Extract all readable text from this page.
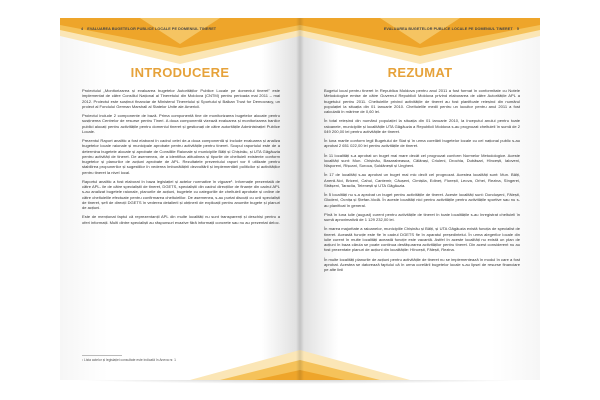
4 EVALUAREA BUGETELOR PUBLICE LOCALE PE DOMENIUL TINERET
INTRODUCERE

Proiectului „Monitorizarea și evaluarea bugetelor Autorităților Publice Locale pe domeniul tineret” este implementat de către Consiliul Național al Tineretului din Moldova (CNTM) pentru perioada mai 2011 – mai 2012. Proiectul este susținut financiar de Ministerul Tineretului și Sportului și Balkan Trust for Democracy, un proiect al Fondului German Marshall al Statelor Unite ale Americii.

Proiectul include 2 componente de bază. Prima componentă tine de monitorizarea bugetelor alocate pentru susținerea Centrelor de resurse pentru Tineri. A doua componentă vizează evaluarea și monitorizarea banilor publici alocați pentru activitățile pentru domeniul tineret și gestionați de către autoritățile Administrației Publice Locale.

Prezentul Raport analitic a fost elaborat în cadrul celei de-a doua componentă și include evaluarea și analiza bugetelor locale raionale și municipale aprobate pentru activitățile pentru tineret. Scopul raportului este de a determina bugetele alocate și aprobate de Consiliile Raionale și municipiile Bălți și Chișinău, și UTA Găgăuzia pentru activități de tineret. De asemenea, de a identifica atitudinea și tipurile de cheltuieli existente conform bugetelor și planurilor de acțiuni aprobate de APL. Rezultatele prezentului raport vor fi utilizate pentru stabilirea propunerilor și sugestiilor în vederea îmbunătățirii dezvoltării și implementării politicilor și activităților pentru tineret la nivel local.

Raportul analitic a fost elaborat în baza legislației și actelor normative în vigoare¹. Informație prezentată de către APL- ile de către specialiștii de tineret, DGETS, specialiștii din cadrul direcțiilor de finanțe din cadrul APL s-au analizat bugetele raionale, planurile de acțiuni, bugetele cu categoriile de cheltuieli aprobate și online de către cheltuielile efectuate pentru confirmarea cheltuielilor. De asemenea, s-au purtat discuții cu unii specialiști de tineret, șefi de direcții DGETS în vederea detalierii și obținerii de explicații pentru anumite bugete și planuri de acțiuni.

Este de menționat faptul că reprezentanții APL din multe localități nu sunt transparenți și deschiși pentru a oferi informații. Multi dintre specialiști au răspunsuri evazive fără informații concrete sau nu au prezentat deloc.

¹ Lista actelor și legislației consultate este indicată în Anexa nr. 1
EVALUAREA BUGETELOR PUBLICE LOCALE PE DOMENIUL TINERET 5
REZUMAT

Bugetul local pentru tineret în Republica Moldova pentru anul 2011 a fost format în conformitate cu Notele Metodologice emise de către Guvernul Republicii Moldova privind elaborarea de către Autoritățile APL a bugetului pentru 2011. Cheltuielile privind activitățile de tineret au fost planificate reieșind din numărul populației la situația din 01 ianuarie 2010. Cheltuielile medii pentru un locuitor pentru anul 2011 a fost calculată în mărime de 0,60 lei.

În total reieșind din numărul populației la situația din 01 ianuarie 2010, la începutul anului pentru toate raioanele, municipiile și localitățile UTA Găgăuzia a Republicii Moldova s-au prognozat cheltuieli în sumă de 2 049 200,00 lei pentru activitățile de tineret.

În luna martie conform legii Bugetului de Stat și în urma corelării bugetelor locale cu cel național public s-au aprobat 2 651 022,00 lei pentru activitățile de tineret.

În 11 localități s-a aprobat un buget mai mare decât cel prognozat conform Normelor Metodologice. Aceste localități sunt: Mun. Chișinău, Basarabeasca, Călărași, Criuleni, Drochia, Dubăsari, Hîncești, Ialoveni, Nisporeni, Rîșcani, Soroca, Șoldănești și Ungheni.

În 17 de localități s-au aprobat un buget mai mic decît cel prognozat. Acestea localități sunt: Mun. Bălți, Anenii-Noi, Briceni, Cahul, Cantemir, Căușeni, Cimișlia, Edineț, Florești, Leova, Orhei, Rezina, Sîngerei, Strășeni, Taraclia, Telenești și UTA Găgăuzia.

În 5 localități nu s-a aprobat un buget pentru activitățile de tineret. Aceste localități sunt: Donduşeni, Fălești, Glodeni, Ocnița și Ștefan-Vodă. În aceste localități nici pentru activitățile pentru activitățile sportive sau nu s-au planificat în general.

Pînă în luna iulie (august) curent pentru activitățile de tineret în toate localitățile s-au înregistrat cheltuieli în sumă aproximativă de 1 129 232,00 lei.

În marea majoritate a raioanelor, municipiile Chișinău și Bălți, și UTA Găgăuzia există funcția de specialist de tineret. Această funcție este fie în cadrul DGETS fie în aparatul președintelui. În urma alegerilor locale din iulie curent în multe localități această funcție este vacantă. Astfel în aceste localități nu există un plan de acțiuni în baza căruia se poate continua desfășurarea activităților pentru tineret. Din acest considerent nu au fost prezentate planuri de acțiuni din localitățile: Hîncești, Fălești, Rezina.

În multe localități planurile de acțiuni pentru activitățile de tineret nu se implementează în modul în care a fost aprobat. Acestea se datorează faptului că în urma corelării bugetelor locale s-au lipsei de resurse financiare pe alte linii
